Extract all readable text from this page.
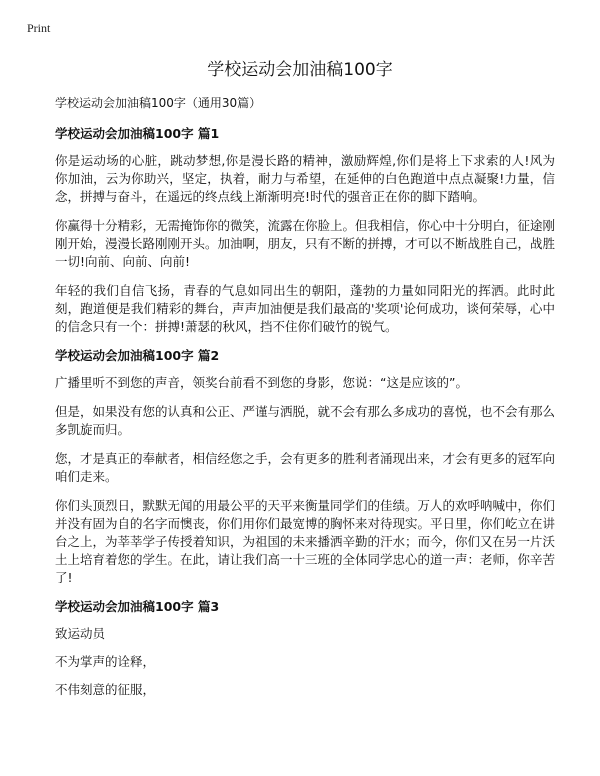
Print
学校运动会加油稿100字
学校运动会加油稿100字（通用30篇）
学校运动会加油稿100字 篇1

你是运动场的心脏，跳动梦想,你是漫长路的精神，激励辉煌,你们是将上下求索的人!风为你加油，云为你助兴，坚定，执着，耐力与希望，在延伸的白色跑道中点点凝聚!力量，信念，拼搏与奋斗，在遥远的终点线上渐渐明亮!时代的强音正在你的脚下踏响。

你赢得十分精彩，无需掩饰你的微笑，流露在你脸上。但我相信，你心中十分明白，征途刚刚开始，漫漫长路刚刚开头。加油啊，朋友，只有不断的拼搏，才可以不断战胜自己，战胜一切!向前、向前、向前!

年轻的我们自信飞扬，青春的气息如同出生的朝阳，蓬勃的力量如同阳光的挥洒。此时此刻，跑道便是我们精彩的舞台，声声加油便是我们最高的'奖项'论何成功，谈何荣辱，心中的信念只有一个：拼搏!萧瑟的秋风，挡不住你们破竹的锐气。

学校运动会加油稿100字 篇2

广播里听不到您的声音，领奖台前看不到您的身影，您说：“这是应该的”。

但是，如果没有您的认真和公正、严谨与洒脱，就不会有那么多成功的喜悦，也不会有那么多凯旋而归。

您，才是真正的奉献者，相信经您之手，会有更多的胜利者涌现出来，才会有更多的冠军向咱们走来。

你们头顶烈日，默默无闻的用最公平的天平来衡量同学们的佳绩。万人的欢呼呐喊中，你们并没有固为自的名字而懊丧，你们用你们最宽博的胸怀来对待现实。平日里，你们屹立在讲台之上，为莘莘学子传授着知识，为祖国的未来播洒辛勤的汗水；而今，你们又在另一片沃土上培育着您的学生。在此，请让我们高一十三班的全体同学忠心的道一声：老师，你辛苦了!

学校运动会加油稿100字 篇3

致运动员

不为掌声的诠释，

不伟刻意的征服，
